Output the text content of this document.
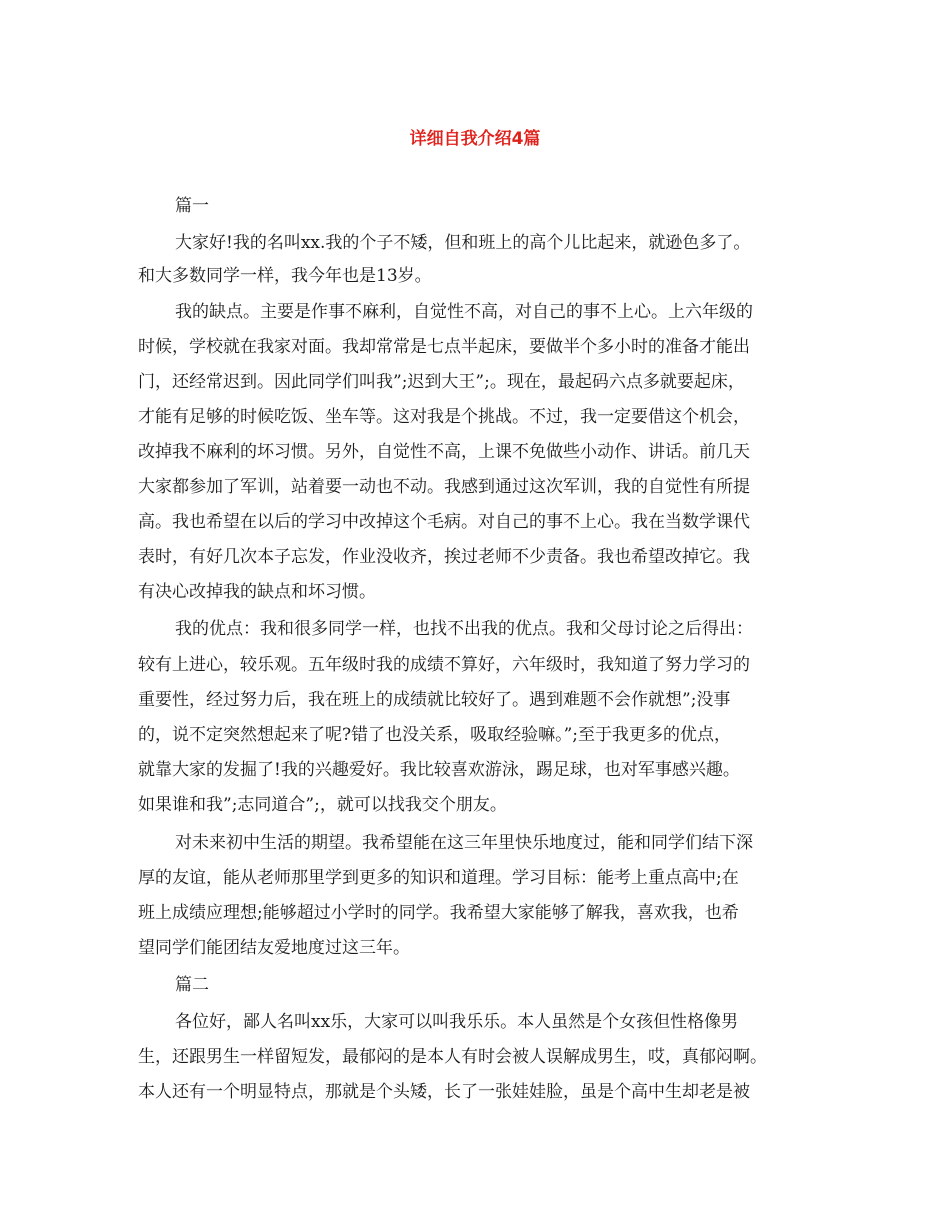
详细自我介绍4篇
篇一
大家好!我的名叫xx.我的个子不矮，但和班上的高个儿比起来，就逊色多了。
和大多数同学一样，我今年也是13岁。
我的缺点。主要是作事不麻利，自觉性不高，对自己的事不上心。上六年级的
时候，学校就在我家对面。我却常常是七点半起床，要做半个多小时的准备才能出
门，还经常迟到。因此同学们叫我”;迟到大王”;。现在，最起码六点多就要起床，
才能有足够的时候吃饭、坐车等。这对我是个挑战。不过，我一定要借这个机会，
改掉我不麻利的坏习惯。另外，自觉性不高，上课不免做些小动作、讲话。前几天
大家都参加了军训，站着要一动也不动。我感到通过这次军训，我的自觉性有所提
高。我也希望在以后的学习中改掉这个毛病。对自己的事不上心。我在当数学课代
表时，有好几次本子忘发，作业没收齐，挨过老师不少责备。我也希望改掉它。我
有决心改掉我的缺点和坏习惯。
我的优点：我和很多同学一样，也找不出我的优点。我和父母讨论之后得出：
较有上进心，较乐观。五年级时我的成绩不算好，六年级时，我知道了努力学习的
重要性，经过努力后，我在班上的成绩就比较好了。遇到难题不会作就想”;没事
的，说不定突然想起来了呢?错了也没关系，吸取经验嘛。”;至于我更多的优点，
就靠大家的发掘了!我的兴趣爱好。我比较喜欢游泳，踢足球，也对军事感兴趣。
如果谁和我”;志同道合”;，就可以找我交个朋友。
对未来初中生活的期望。我希望能在这三年里快乐地度过，能和同学们结下深
厚的友谊，能从老师那里学到更多的知识和道理。学习目标：能考上重点高中;在
班上成绩应理想;能够超过小学时的同学。我希望大家能够了解我，喜欢我，也希
望同学们能团结友爱地度过这三年。
篇二
各位好，鄙人名叫xx乐，大家可以叫我乐乐。本人虽然是个女孩但性格像男
生，还跟男生一样留短发，最郁闷的是本人有时会被人误解成男生，哎，真郁闷啊。
本人还有一个明显特点，那就是个头矮，长了一张娃娃脸，虽是个高中生却老是被
